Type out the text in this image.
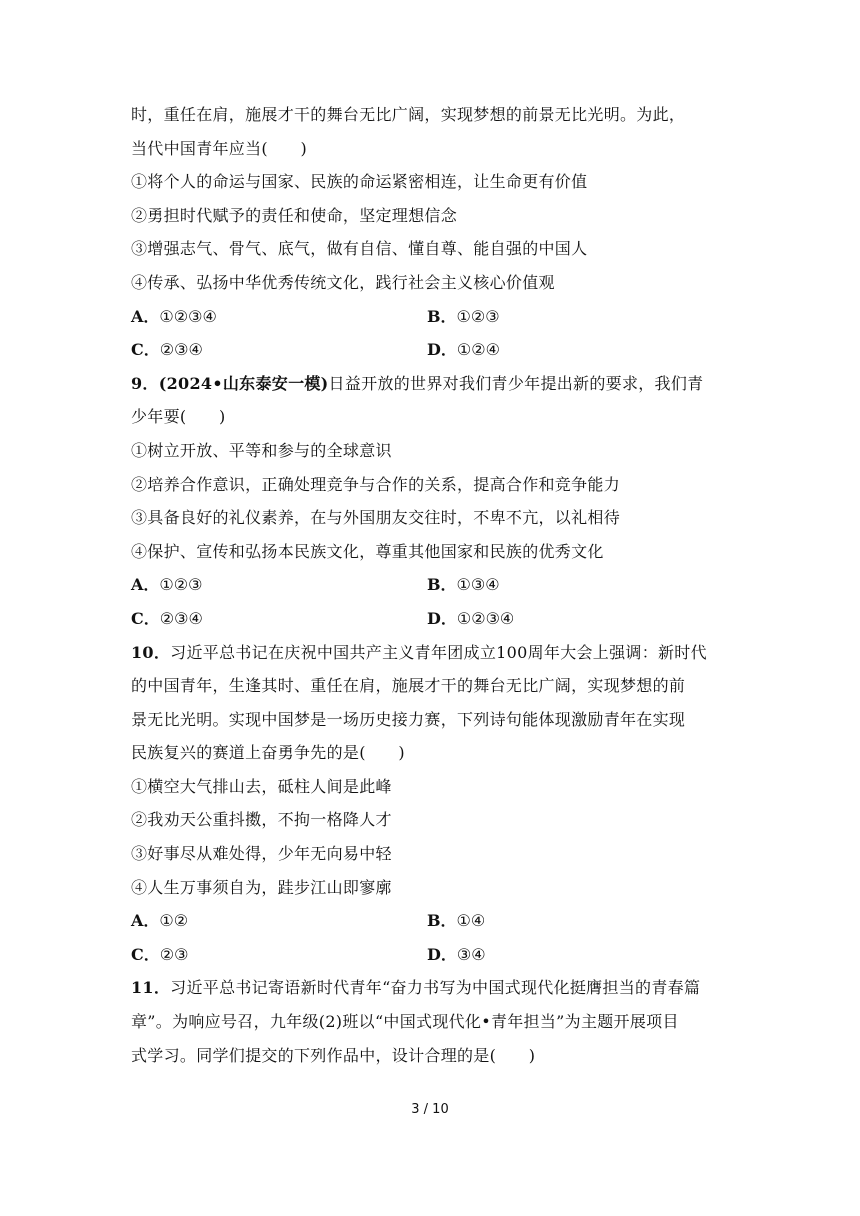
时，重任在肩，施展才干的舞台无比广阔，实现梦想的前景无比光明。为此，
当代中国青年应当(　　)
①将个人的命运与国家、民族的命运紧密相连，让生命更有价值
②勇担时代赋予的责任和使命，坚定理想信念
③增强志气、骨气、底气，做有自信、懂自尊、能自强的中国人
④传承、弘扬中华优秀传统文化，践行社会主义核心价值观
A．①②③④	B．①②③
C．②③④	D．①②④
9．(2024•山东泰安一模)日益开放的世界对我们青少年提出新的要求，我们青
少年要(　　)
①树立开放、平等和参与的全球意识
②培养合作意识，正确处理竞争与合作的关系，提高合作和竞争能力
③具备良好的礼仪素养，在与外国朋友交往时，不卑不亢，以礼相待
④保护、宣传和弘扬本民族文化，尊重其他国家和民族的优秀文化
A．①②③	B．①③④
C．②③④	D．①②③④
10．习近平总书记在庆祝中国共产主义青年团成立100周年大会上强调：新时代
的中国青年，生逢其时、重任在肩，施展才干的舞台无比广阔，实现梦想的前
景无比光明。实现中国梦是一场历史接力赛，下列诗句能体现激励青年在实现
民族复兴的赛道上奋勇争先的是(　　)
①横空大气排山去，砥柱人间是此峰
②我劝天公重抖擞，不拘一格降人才
③好事尽从难处得，少年无向易中轻
④人生万事须自为，跬步江山即寥廓
A．①②	B．①④
C．②③	D．③④
11．习近平总书记寄语新时代青年“奋力书写为中国式现代化挺膺担当的青春篇
章”。为响应号召，九年级(2)班以“中国式现代化•青年担当”为主题开展项目
式学习。同学们提交的下列作品中，设计合理的是(　　)
3 / 10
